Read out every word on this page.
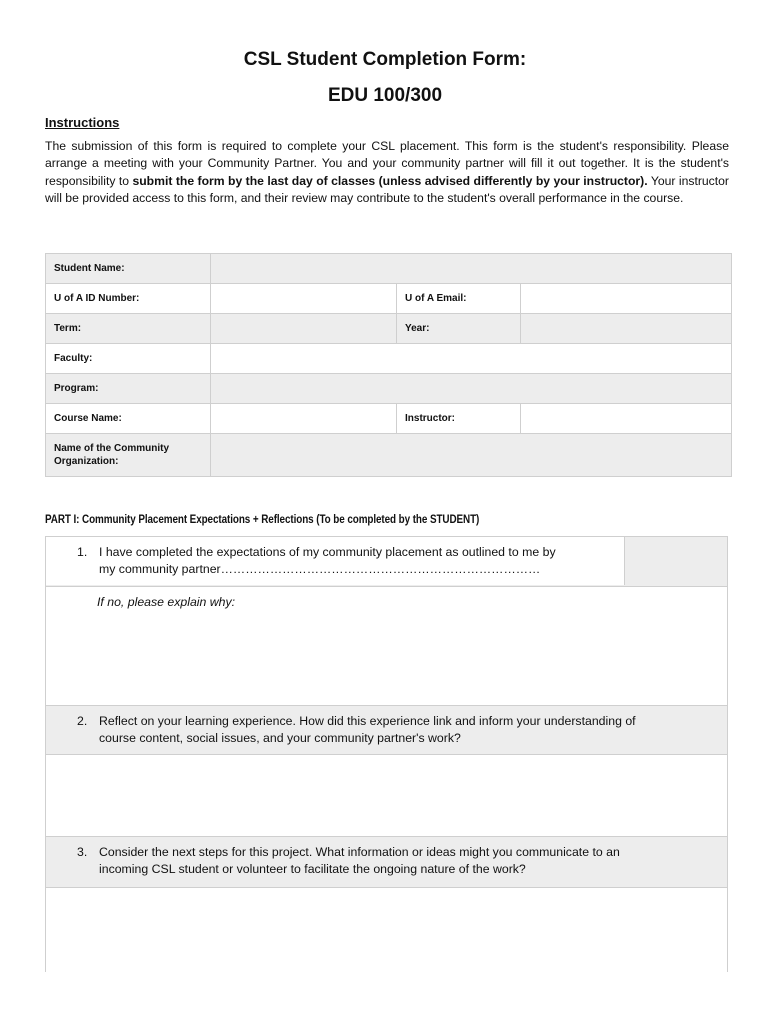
CSL Student Completion Form:
EDU 100/300
Instructions
The submission of this form is required to complete your CSL placement. This form is the student's responsibility. Please arrange a meeting with your Community Partner. You and your community partner will fill it out together. It is the student's responsibility to submit the form by the last day of classes (unless advised differently by your instructor). Your instructor will be provided access to this form, and their review may contribute to the student's overall performance in the course.
Student Name:			
U of A ID Number:		U of A Email:	
Term:		Year:	
Faculty:			
Program:			
Course Name:		Instructor:	
Name of the Community Organization:			
PART I: Community Placement Expectations + Reflections (To be completed by the STUDENT)
1. I have completed the expectations of my community placement as outlined to me by
my community partner……………………………………………………………………
If no, please explain why:
2. Reflect on your learning experience. How did this experience link and inform your understanding of
course content, social issues, and your community partner's work?
3. Consider the next steps for this project. What information or ideas might you communicate to an
incoming CSL student or volunteer to facilitate the ongoing nature of the work?
